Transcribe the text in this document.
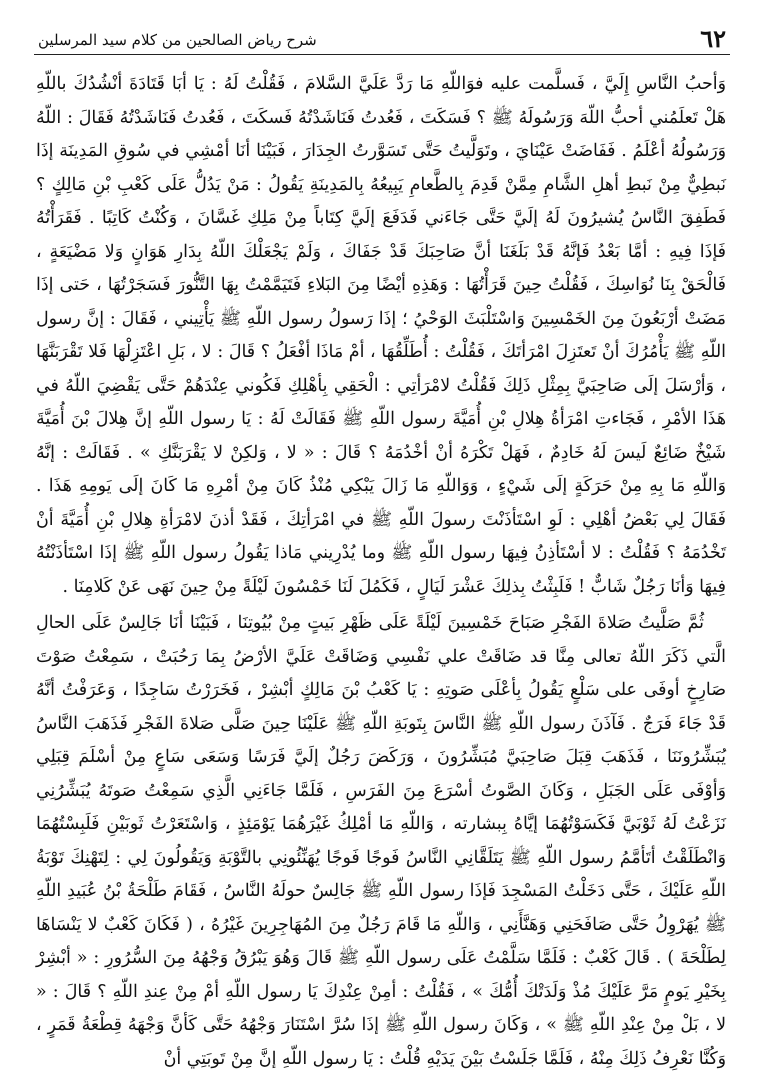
٦٢
شرح رياض الصالحين من كلام سيد المرسلين

وَأحبُ النَّاسِ إِلَيَّ ، فَسلَّمت عليه فوَاللّهِ مَا رَدَّ عَلَيَّ السَّلامَ ، فَقُلْتُ لَهُ : يَا أبَا قَتَادَةَ أنْشُدُكَ باللّهِ هَلْ تَعلَمُني أحبُّ اللّهَ وَرَسُولَهُ ﷺ ؟ فَسَكَتَ ، فَعُدتُ فَنَاشَدْتُهُ فَسكَتَ ، فَعُدتُ فَنَاشَدْتُهُ فَقَالَ : اللّهُ وَرَسُولُهُ أعْلَمُ . فَفَاضَتْ عَيْنَايَ ، وتَوَلَّيتُ حَتَّى تَسَوَّرتُ الجِدَارَ ، فَبَيْنَا أنَا أمْشِي في سُوقِ المَدِينَة إذَا نَبطِيٌّ مِنْ نَبطِ أهلِ الشَّامِ مِمَّنْ قَدِمَ بِالطَّعامِ يَبِيعُهُ بِالمَدِينَةِ يَقُولُ : مَنْ يَدُلُّ عَلَى كَعْبِ بْنِ مَالِكٍ ؟ فَطَفِقَ النَّاسُ يُشيرُونَ لَهُ إلَيَّ حَتَّى جَاءَني فَدَفَعَ إلَيَّ كِتَاباً مِنْ مَلِكِ غَسَّانَ ، وَكُنْتُ كَاتِبًا . فَقَرَأْتُهُ فَإذَا فِيهِ : أمَّا بَعْدُ فَإنَّهُ قَدْ بَلَغَنَا أنَّ صَاحِبَكَ قَدْ جَفَاكَ ، وَلَمْ يَجْعَلْكَ اللّهُ بِدَارِ هَوَانٍ وَلا مَضْيَعَةٍ ، فَالْحَقْ بِنَا نُوَاسِكَ ، فَقُلْتُ حِينَ قَرَأْتُهَا : وَهَذِهِ أيْضًا مِنَ البَلاءِ فَتَيَمَّمْتُ بِهَا التَّنُّورَ فَسَجَرْتُهَا ، حَتى إذَا مَضَتْ أرْبَعُونَ مِنَ الخَمْسِينَ وَاسْتَلْبَثَ الوَحْيُ ؛ إذَا رَسولُ رسول اللّهِ ﷺ يَأْتِيني ، فَقَالَ : إنَّ رسول اللّهِ ﷺ يَأْمُرُكَ أنْ تَعتَزِلَ امْرَأتَكَ ، فَقُلْتُ : أُطَلِّقُهَا ، أمْ مَاذَا أفْعَلُ ؟ قَالَ : لا ، بَلِ اعْتَزِلْهَا فَلا تَقْرَبَنَّهَا ، وَأرْسَلَ إلَى صَاحِبَيَّ بِمِثْلِ ذَلِكَ فَقُلْتُ لامْرَأتِي : الْحَقِي بِأهْلِكِ فَكُوني عِنْدَهُمْ حَتَّى يَقْضِيَ اللّهُ في هَذَا الأمْرِ ، فَجَاءتِ امْرَأةُ هِلالِ بْنِ أُمَيَّةَ رسول اللّهِ ﷺ فَقَالَتْ لَهُ : يَا رسول اللّهِ إنَّ هِلالَ بْنَ أُمَيَّةَ شَيْخٌ ضَائِعٌ لَيسَ لَهُ خَادِمٌ ، فَهَلْ تَكْرَهُ أنْ أخْدُمَهُ ؟ قَالَ : « لا ، وَلكِنْ لا يَقْرَبَنَّكِ » . فَقَالَتْ : إنَّهُ وَاللّهِ مَا بِهِ مِنْ حَرَكَةٍ إلَى شَيْءٍ ، وَوَاللّهِ مَا زَالَ يَبْكِي مُنْذُ كَانَ مِنْ أمْرِهِ مَا كَانَ إلَى يَومِهِ هَذَا . فَقَالَ لِي بَعْضُ أهْلِي : لَوِ اسْتَأذَنْتَ رسولَ اللّهِ ﷺ في امْرَأتِكَ ، فَقَدْ أذنَ لامْرَأةِ هِلالِ بْنِ أُمَيَّةَ أنْ تَخْدُمَهُ ؟ فَقُلْتُ : لا أسْتَأذِنُ فِيهَا رسول اللّهِ ﷺ وما يُدْرِيني مَاذا يَقُولُ رسول اللّهِ ﷺ إذَا اسْتَأذَنْتُهُ فِيهَا وَأنَا رَجُلٌ شَابٌّ ! فَلَبِثْتُ بِذلِكَ عَشْرَ لَيَالٍ ، فَكَمُلَ لَنَا خَمْسُونَ لَيْلَةً مِنْ حِينَ نَهَى عَنْ كَلامِنَا .

ثُمَّ صَلَّيتُ صَلاةَ الفَجْرِ صَبَاحَ خَمْسِينَ لَيْلَةً عَلَى ظَهْرِ بَيتٍ مِنْ بُيُوتِنَا ، فَبَيْنَا أنَا جَالِسٌ عَلَى الحالِ الَّتي ذَكَرَ اللّهُ تعالى مِنَّا قد ضَاقَتْ علي نَفْسِي وَضَاقَتْ عَلَيَّ الأرْضُ بِمَا رَحُبَتْ ، سَمِعْتُ صَوْتَ صَارِخٍ أوفَى على سَلْعٍ يَقُولُ بِأعْلَى صَوتِهِ : يَا كَعْبُ بْنَ مَالِكٍ أبْشِرْ ، فَخَرَرْتُ سَاجِدًا ، وَعَرَفْتُ أنَّهُ قَدْ جَاءَ فَرَجٌ . فَآذَنَ رسول اللّهِ ﷺ النَّاسَ بِتَوبَةِ اللّهِ ﷺ عَلَيْنَا حِينَ صَلَّى صَلاةَ الفَجْرِ فَذَهَبَ النَّاسُ يُبَشِّرُونَنَا ، فَذَهَبَ قِبَلَ صَاحِبَيَّ مُبَشِّرُونَ ، وَرَكَضَ رَجُلٌ إلَيَّ فَرَسًا وَسَعَى سَاعٍ مِنْ أسْلَمَ قِبَلِي وَأوْفَى عَلَى الجَبَلِ ، وَكَانَ الصَّوتُ أسْرَعَ مِنَ الفَرَسِ ، فَلَمَّا جَاءَنِي الَّذِي سَمِعْتُ صَوتَهُ يُبَشِّرُنِي نَزَعْتُ لَهُ ثَوْبَيَّ فَكَسَوْتُهُمَا إيَّاهُ بِبشارته ، وَاللّهِ مَا أمْلِكُ غَيْرَهُمَا يَوْمَئِذٍ ، وَاسْتَعَرْتُ ثَوبَيْنِ فَلَبِسْتُهُمَا وَانْطَلَقْتُ أتَأمَّمُ رسول اللّهِ ﷺ يَتَلَقَّانِي النَّاسُ فَوجًا فَوجًا يُهَنِّئُونِي بالتَّوْبَةِ وَيَقُولُونَ لِي : لِتَهْنِكَ تَوْبَةُ اللّهِ عَلَيْكَ ، حَتَّى دَخَلْتُ المَسْجِدَ فَإذَا رسول اللّهِ ﷺ جَالِسٌ حولَهُ النَّاسُ ، فَقَامَ طَلْحَةُ بْنُ عُبَيدِ اللّهِ ﷺ يُهَرْوِلُ حَتَّى صَافَحَنِي وَهَنَّأَنِي ، وَاللّهِ مَا قَامَ رَجُلٌ مِنَ المُهَاجِرِينَ غَيْرُهُ ، ( فَكَانَ كَعْبٌ لا يَنْسَاهَا لِطَلْحَةَ ) . قَالَ كَعْبٌ : فَلَمَّا سَلَّمْتُ عَلَى رسول اللّهِ ﷺ قَالَ وَهُوَ يَبْرُقُ وَجْهُهُ مِنَ السُّرُورِ : « أبْشِرْ بِخَيْرِ يَومٍ مَرَّ عَلَيْكَ مُذْ وَلَدَتْكَ أُمُّكَ » ، فَقُلْتُ : أمِنْ عِنْدِكَ يَا رسول اللّهِ أمْ مِنْ عِندِ اللّهِ ؟ قَالَ : « لا ، بَلْ مِنْ عِنْدِ اللّهِ ﷺ » ، وَكَانَ رسول اللّهِ ﷺ إذَا سُرَّ اسْتَنَارَ وَجْهُهُ حَتَّى كَأنَّ وَجْهَهُ قِطْعَةُ قَمَرٍ ، وَكُنَّا نَعْرِفُ ذَلِكَ مِنْهُ ، فَلَمَّا جَلَسْتُ بَيْنَ يَدَيْهِ قُلْتُ : يَا رسول اللّهِ إنَّ مِنْ تَوبَتِي أنْ
